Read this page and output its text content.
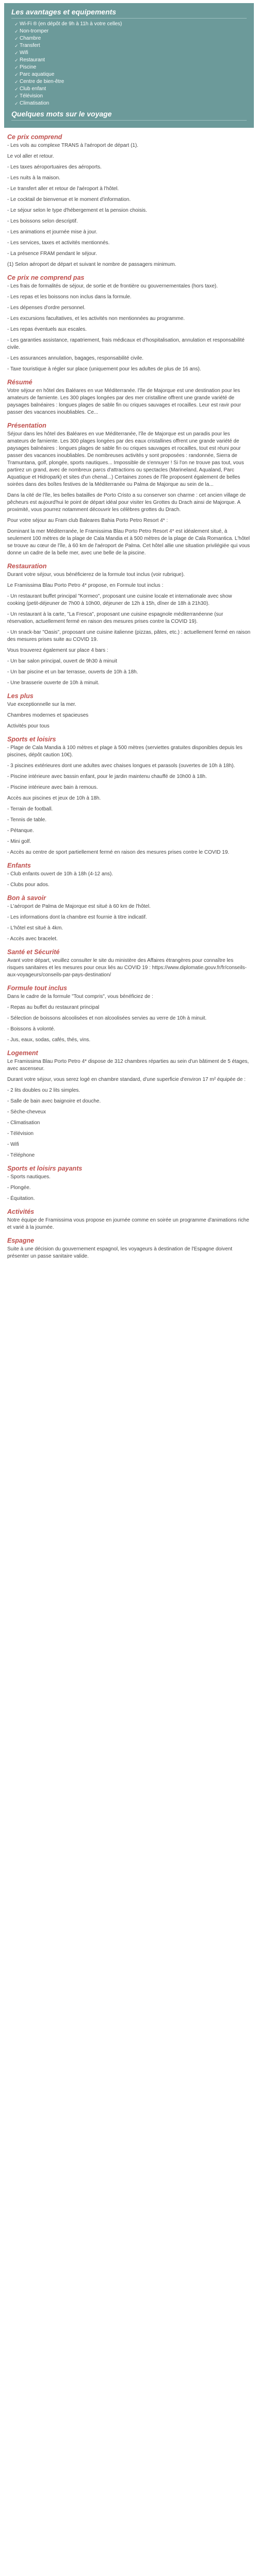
Les avantages et equipements
✓ Wi-Fi ® (en dépôt de 9h à 11h à votre celles)
✓ Non-tromper
✓ Chambre
✓ Transfert
✓ Wifi
✓ Restaurant
✓ Piscine
✓ Parc aquatique
✓ Centre de bien-être
✓ Club enfant
✓ Télévision
✓ Climatisation
Quelques mots sur le voyage
Ce prix comprend

- Les vols au complexe TRANS à l'aéroport de départ (1).

Le vol aller et retour.

- Les taxes aéroportuaires des aéroports.

- Les nuits à la maison.

- Le transfert aller et retour de l'aéroport à l'hôtel.

- Le cocktail de bienvenue et le moment d'information.

- Le séjour selon le type d'hébergement et la pension choisis.

- Les boissons selon descriptif.

- Les animations et journée mise à jour.

- Les services, taxes et activités mentionnés.

- La présence FRAM pendant le séjour.

(1) Selon aéroport de départ et suivant le nombre de passagers minimum.

Ce prix ne comprend pas

- Les frais de formalités de séjour, de sortie et de frontière ou gouvernementales (hors taxe).

- Les repas et les boissons non inclus dans la formule.

- Les dépenses d'ordre personnel.

- Les excursions facultatives, et les activités non mentionnées au programme.

- Les repas éventuels aux escales.

- Les garanties assistance, rapatriement, frais médicaux et d'hospitalisation, annulation et responsabilité civile.

- Les assurances annulation, bagages, responsabilité civile.

- Taxe touristique à régler sur place (uniquement pour les adultes de plus de 16 ans).

Résumé

Votre séjour en hôtel des Baléares en vue Méditerranée. l'île de Majorque est une destination pour les amateurs de farniente. Les 300 plages longées par des mer cristalline offrent une grande variété de paysages balnéaires : longues plages de sable fin ou criques sauvages et rocailles. Leur est ravir pour passer des vacances inoubliables. Ce...

Présentation

Séjour dans les hôtel des Baléares en vue Méditerranée, l'île de Majorque est un paradis pour les amateurs de farniente. Les 300 plages longées par des eaux cristallines offrent une grande variété de paysages balnéaires : longues plages de sable fin ou criques sauvages et rocailles, tout est réuni pour passer des vacances inoubliables. De nombreuses activités y sont proposées : randonnée, Sierra de Tramuntana, golf, plongée, sports nautiques... Impossible de s'ennuyer ! Si l'on ne trouve pas tout, vous partirez un grand, avec de nombreux parcs d'attractions ou spectacles (Marineland, Aqualand, Parc Aquatique et Hidropark) et sites d'un chenal...) Certaines zones de l'île proposent également de belles soirées dans des boîtes festives de la Méditerranée ou Palma de Majorque au sein de la...

Dans la cité de l'île, les belles batailles de Porto Cristo a su conserver son charme : cet ancien village de pêcheurs est aujourd'hui le point de départ idéal pour visiter les Grottes du Drach ainsi de Majorque. A proximité, vous pourrez notamment découvrir les célèbres grottes du Drach.

Pour votre séjour au Fram club Baleares Bahia Porto Petro Resort 4* :

Dominant la mer Méditerranée, le Framissima Blau Porto Petro Resort 4* est idéalement situé, à seulement 100 mètres de la plage de Cala Mandia et à 500 mètres de la plage de Cala Romantica. L'hôtel se trouve au cœur de l'île, à 60 km de l'aéroport de Palma. Cet hôtel allie une situation privilégiée qui vous donne un cadre de la belle mer, avec une belle de la piscine.

Restauration

Durant votre séjour, vous bénéficierez de la formule tout inclus (voir rubrique).

Le Framissima Blau Porto Petro 4* propose, en Formule tout inclus :

- Un restaurant buffet principal "Kormeo", proposant une cuisine locale et internationale avec show cooking (petit-déjeuner de 7h00 à 10h00, déjeuner de 12h à 15h, dîner de 18h à 21h30).

- Un restaurant à la carte, "La Fresca", proposant une cuisine espagnole méditerranéenne (sur réservation, actuellement fermé en raison des mesures prises contre la COVID 19).

- Un snack-bar "Oasis", proposant une cuisine italienne (pizzas, pâtes, etc.) : actuellement fermé en raison des mesures prises suite au COVID 19.

Vous trouverez également sur place 4 bars :

- Un bar salon principal, ouvert de 9h30 à minuit

- Un bar piscine et un bar terrasse, ouverts de 10h à 18h.

- Une brasserie ouverte de 10h à minuit.

Les plus

Vue exceptionnelle sur la mer.

Chambres modernes et spacieuses

Activités pour tous

Sports et loisirs

- Plage de Cala Mandia à 100 mètres et plage à 500 mètres (serviettes gratuites disponibles depuis les piscines, dépôt caution 10€).

- 3 piscines extérieures dont une adultes avec chaises longues et parasols (ouvertes de 10h à 18h).

- Piscine intérieure avec bassin enfant, pour le jardin maintenu chauffé de 10h00 à 18h.

- Piscine intérieure avec bain à remous.

Accès aux piscines et jeux de 10h à 18h.

- Terrain de football.

- Tennis de table.

- Pétanque.

- Mini golf.

- Accès au centre de sport partiellement fermé en raison des mesures prises contre le COVID 19.

Enfants

- Club enfants ouvert de 10h à 18h (4-12 ans).

- Clubs pour ados.

Bon à savoir

- L'aéroport de Palma de Majorque est situé à 60 km de l'hôtel.

- Les informations dont la chambre est fournie à titre indicatif.

- L'hôtel est situé à 4km.

- Accès avec bracelet.

Santé et Sécurité

Avant votre départ, veuillez consulter le site du ministère des Affaires étrangères pour connaître les risques sanitaires et les mesures pour ceux liés au COVID 19 : https://www.diplomatie.gouv.fr/fr/conseils-aux-voyageurs/conseils-par-pays-destination/

Formule tout inclus

Dans le cadre de la formule "Tout compris", vous bénéficiez de :

- Repas au buffet du restaurant principal

- Sélection de boissons alcoolisées et non alcoolisées servies au verre de 10h à minuit.

- Boissons à volonté.

- Jus, eaux, sodas, cafés, thés, vins.

Logement

Le Framissima Blau Porto Petro 4* dispose de 312 chambres réparties au sein d'un bâtiment de 5 étages, avec ascenseur.

Durant votre séjour, vous serez logé en chambre standard, d'une superficie d'environ 17 m² équipée de :

- 2 lits doubles ou 2 lits simples.

- Salle de bain avec baignoire et douche.

- Sèche-cheveux

- Climatisation

- Télévision

- Wifi

- Téléphone

Sports et loisirs payants

- Sports nautiques.

- Plongée.

- Équitation.

Activités

Notre équipe de Framissima vous propose en journée comme en soirée un programme d'animations riche et varié à la journée.

Espagne

Suite à une décision du gouvernement espagnol, les voyageurs à destination de l'Espagne doivent présenter un passe sanitaire valide.
